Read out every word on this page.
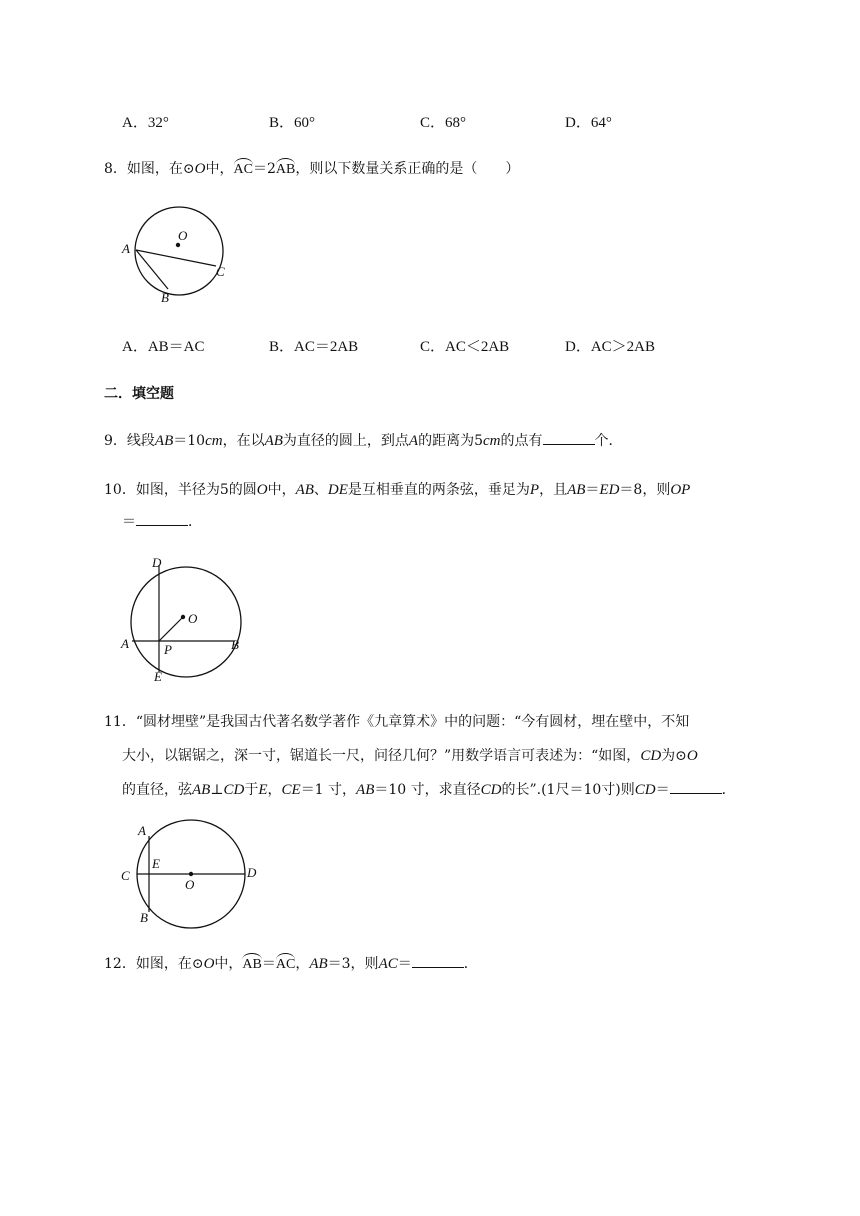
A．32°	B．60°	C．68°	D．64°
8．如图，在⊙O中，AC＝2AB，则以下数量关系正确的是（　　）
O
A
B
C
A．AB＝AC	B．AC＝2AB	C．AC＜2AB	D．AC＞2AB
二．填空题
9．线段AB＝10cm，在以AB为直径的圆上，到点A的距离为5cm的点有	个．
10．如图，半径为5的圆O中，AB、DE是互相垂直的两条弦，垂足为P，且AB＝ED＝8，则OP
＝	．
D
O
A	P	B
E
11．“圆材埋壁”是我国古代著名数学著作《九章算术》中的问题：“今有圆材，埋在壁中，不知
大小，以锯锯之，深一寸，锯道长一尺，问径几何？”用数学语言可表述为：“如图，CD为⊙O
的直径，弦AB⊥CD于E，CE＝1 寸，AB＝10 寸，求直径CD的长”.(1尺＝10寸)则CD＝	．
A
C
E
O
D
B
12．如图，在⊙O中，AB＝AC，AB＝3，则AC＝	．
